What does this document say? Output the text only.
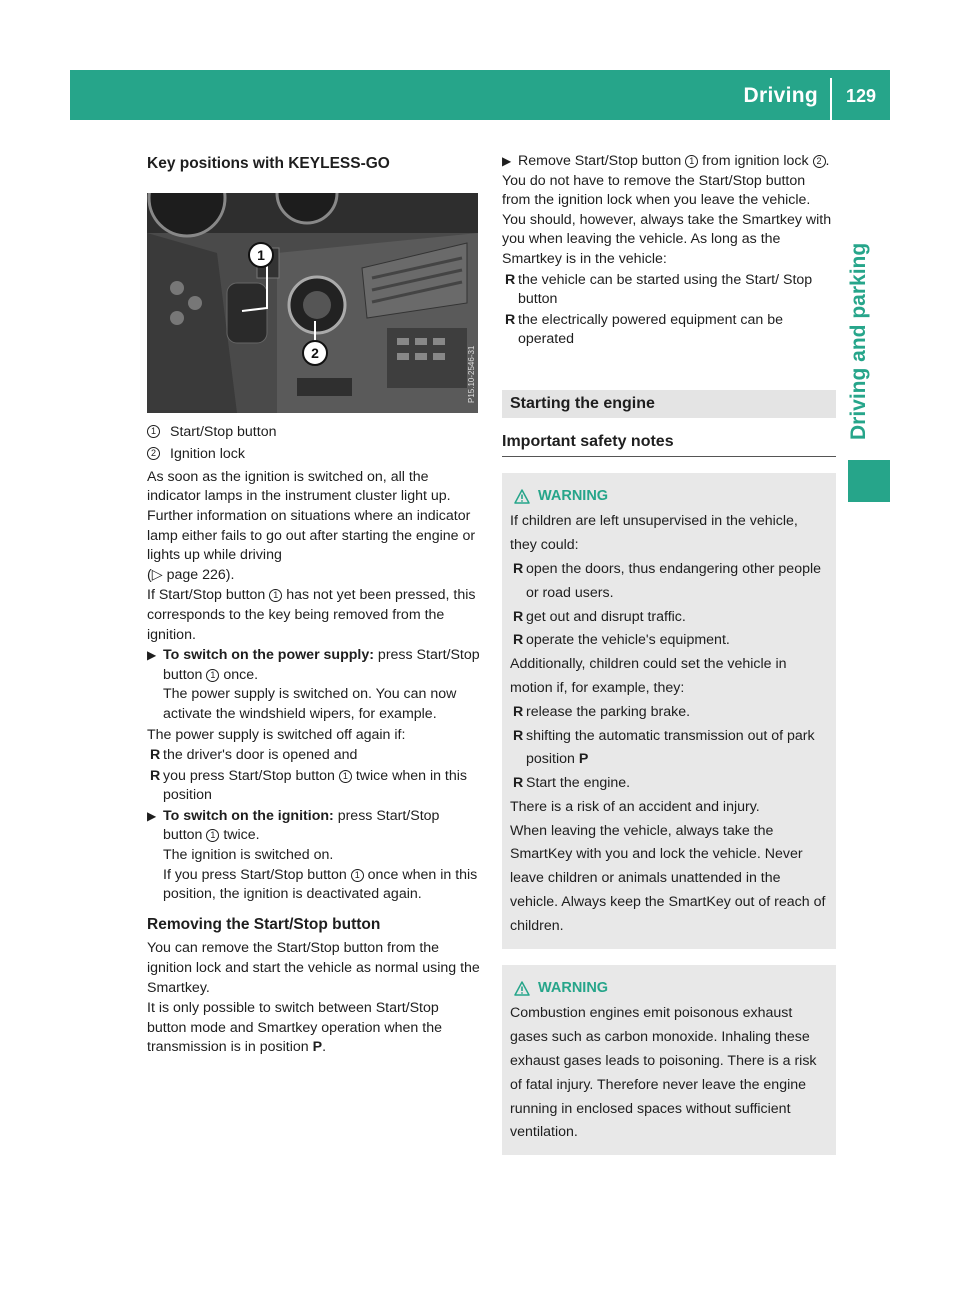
Driving 129
Driving and parking
Key positions with KEYLESS-GO
1
2	P15.10-2546-31
1 Start/Stop button
2 Ignition lock
As soon as the ignition is switched on, all the indicator lamps in the instrument cluster light up. Further information on situations where an indicator lamp either fails to go out after starting the engine or lights up while driving
(▷ page 226).
If Start/Stop button 1 has not yet been pressed, this corresponds to the key being removed from the ignition.
▶ To switch on the power supply: press Start/Stop button 1 once.
The power supply is switched on. You can now activate the windshield wipers, for example.
The power supply is switched off again if:
R the driver's door is opened and
R you press Start/Stop button 1 twice when in this position
▶ To switch on the ignition: press Start/Stop button 1 twice.
The ignition is switched on.
If you press Start/Stop button 1 once when in this position, the ignition is deactivated again.
Removing the Start/Stop button
You can remove the Start/Stop button from the ignition lock and start the vehicle as normal using the Smartkey.
It is only possible to switch between Start/Stop button mode and Smartkey operation when the transmission is in position P.
▶ Remove Start/Stop button 1 from ignition lock 2 .
You do not have to remove the Start/Stop button from the ignition lock when you leave the vehicle. You should, however, always take the Smartkey with you when leaving the vehicle. As long as the Smartkey is in the vehicle:
R the vehicle can be started using the Start/ Stop button
R the electrically powered equipment can be operated
Starting the engine
Important safety notes
WARNING
If children are left unsupervised in the vehicle, they could:
R open the doors, thus endangering other people or road users.
R get out and disrupt traffic.
R operate the vehicle's equipment.
Additionally, children could set the vehicle in motion if, for example, they:
R release the parking brake.
R shifting the automatic transmission out of park position P
R Start the engine.
There is a risk of an accident and injury.
When leaving the vehicle, always take the SmartKey with you and lock the vehicle. Never leave children or animals unattended in the vehicle. Always keep the SmartKey out of reach of children.
WARNING
Combustion engines emit poisonous exhaust gases such as carbon monoxide. Inhaling these exhaust gases leads to poisoning. There is a risk of fatal injury. Therefore never leave the engine running in enclosed spaces without sufficient ventilation.
